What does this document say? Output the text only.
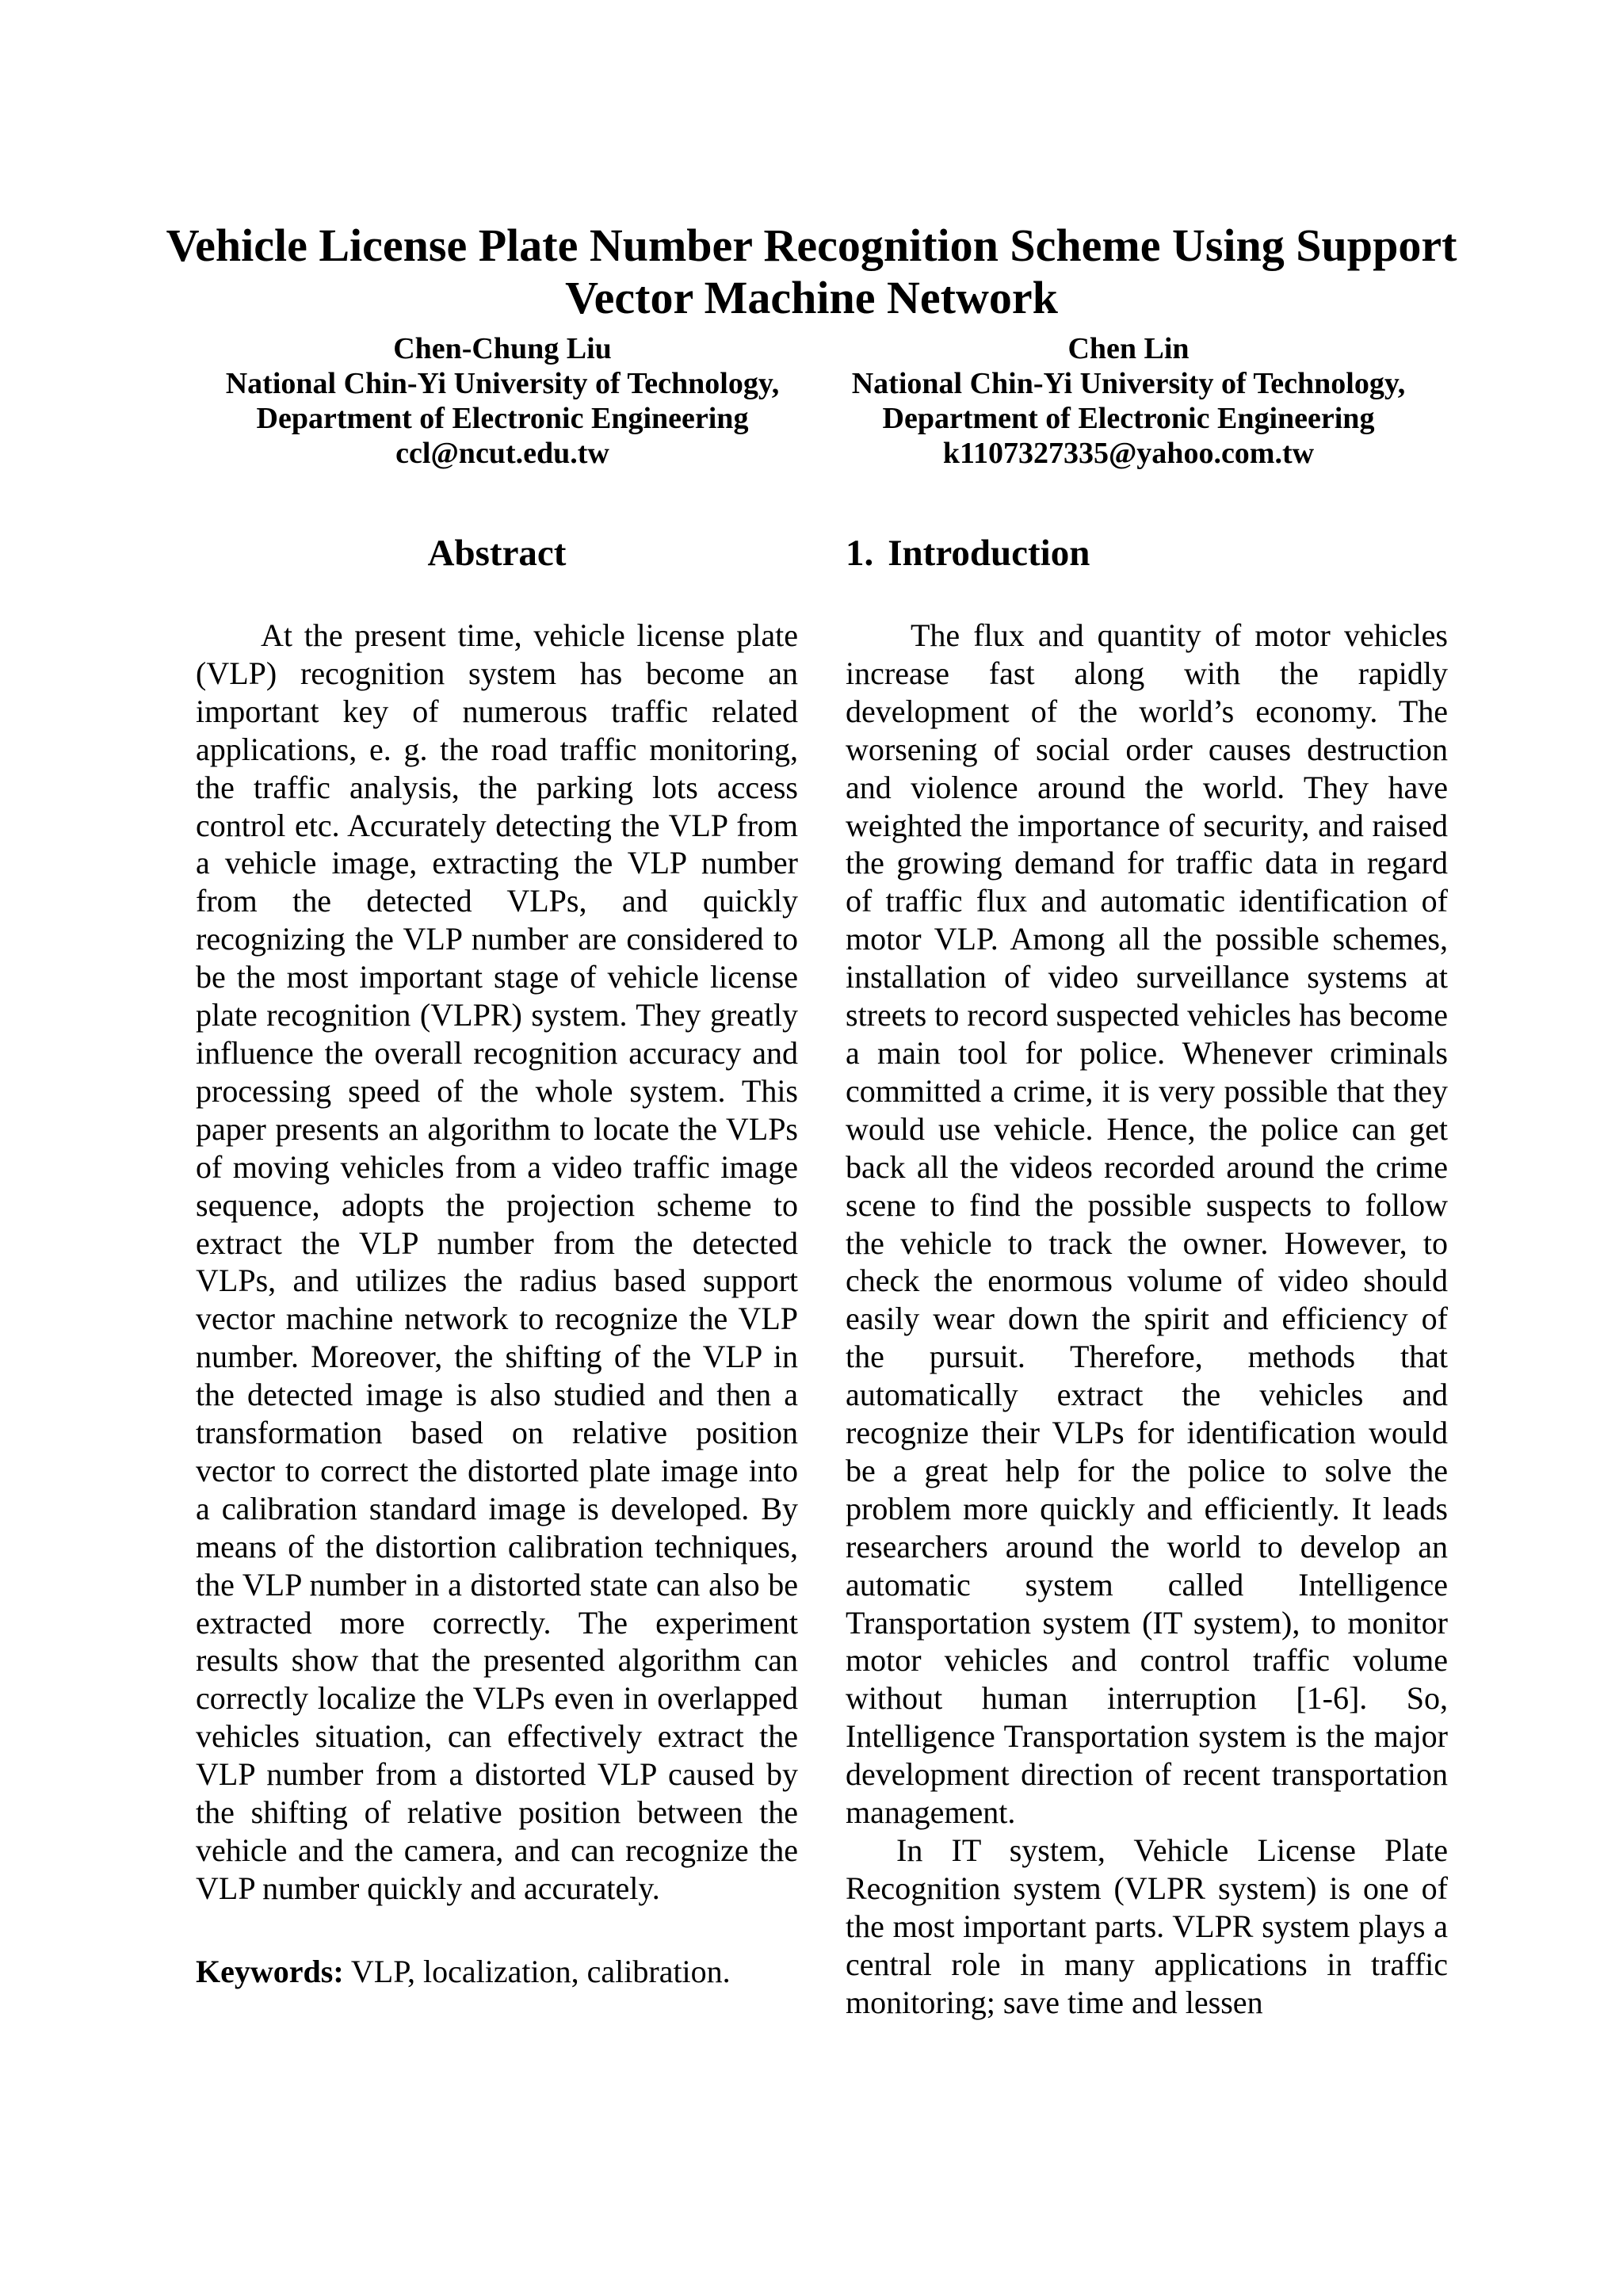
Vehicle License Plate Number Recognition Scheme Using Support
Vector Machine Network
Chen-Chung Liu
National Chin-Yi University of Technology,
Department of Electronic Engineering
ccl@ncut.edu.tw
Chen Lin
National Chin-Yi University of Technology,
Department of Electronic Engineering
k1107327335@yahoo.com.tw
Abstract

At the present time, vehicle license plate (VLP) recognition system has become an important key of numerous traffic related applications, e. g. the road traffic monitoring, the traffic analysis, the parking lots access control etc. Accurately detecting the VLP from a vehicle image, extracting the VLP number from the detected VLPs, and quickly recognizing the VLP number are considered to be the most important stage of vehicle license plate recognition (VLPR) system. They greatly influence the overall recognition accuracy and processing speed of the whole system. This paper presents an algorithm to locate the VLPs of moving vehicles from a video traffic image sequence, adopts the projection scheme to extract the VLP number from the detected VLPs, and utilizes the radius based support vector machine network to recognize the VLP number. Moreover, the shifting of the VLP in the detected image is also studied and then a transformation based on relative position vector to correct the distorted plate image into a calibration standard image is developed. By means of the distortion calibration techniques, the VLP number in a distorted state can also be extracted more correctly. The experiment results show that the presented algorithm can correctly localize the VLPs even in overlapped vehicles situation, can effectively extract the VLP number from a distorted VLP caused by the shifting of relative position between the vehicle and the camera, and can recognize the VLP number quickly and accurately.

Keywords: VLP, localization, calibration.

1. Introduction

The flux and quantity of motor vehicles increase fast along with the rapidly development of the world’s economy. The worsening of social order causes destruction and violence around the world. They have weighted the importance of security, and raised the growing demand for traffic data in regard of traffic flux and automatic identification of motor VLP. Among all the possible schemes, installation of video surveillance systems at streets to record suspected vehicles has become a main tool for police. Whenever criminals committed a crime, it is very possible that they would use vehicle. Hence, the police can get back all the videos recorded around the crime scene to find the possible suspects to follow the vehicle to track the owner. However, to check the enormous volume of video should easily wear down the spirit and efficiency of the pursuit. Therefore, methods that automatically extract the vehicles and recognize their VLPs for identification would be a great help for the police to solve the problem more quickly and efficiently. It leads researchers around the world to develop an automatic system called Intelligence Transportation system (IT system), to monitor motor vehicles and control traffic volume without human interruption [1-6]. So, Intelligence Transportation system is the major development direction of recent transportation management.

In IT system, Vehicle License Plate Recognition system (VLPR system) is one of the most important parts. VLPR system plays a central role in many applications in traffic monitoring; save time and lessen
